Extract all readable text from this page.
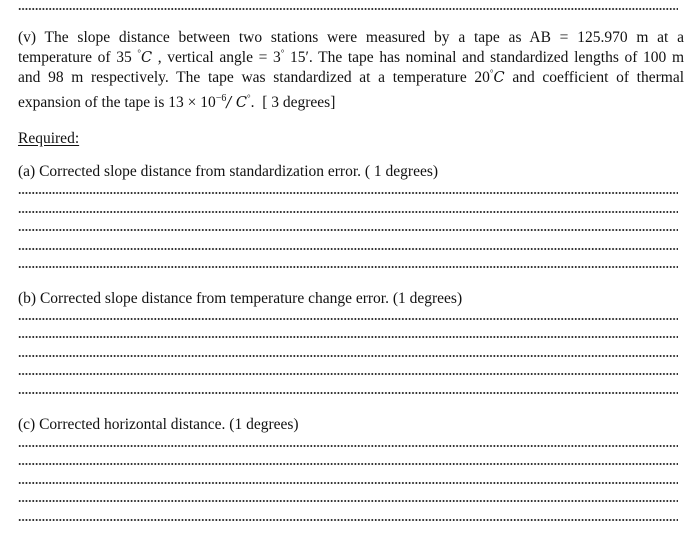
(v) The slope distance between two stations were measured by a tape as AB = 125.970 m at a
temperature of 35 °C , vertical angle = 3° 15′. The tape has nominal and standardized lengths of 100 m
and 98 m respectively. The tape was standardized at a temperature 20°C and coefficient of thermal
expansion of the tape is $13 \times 10^{-6}/$ C°. [ 3 degrees]
Required:
(a) Corrected slope distance from standardization error. ( 1 degrees)
(b) Corrected slope distance from temperature change error. (1 degrees)
(c) Corrected horizontal distance. (1 degrees)
